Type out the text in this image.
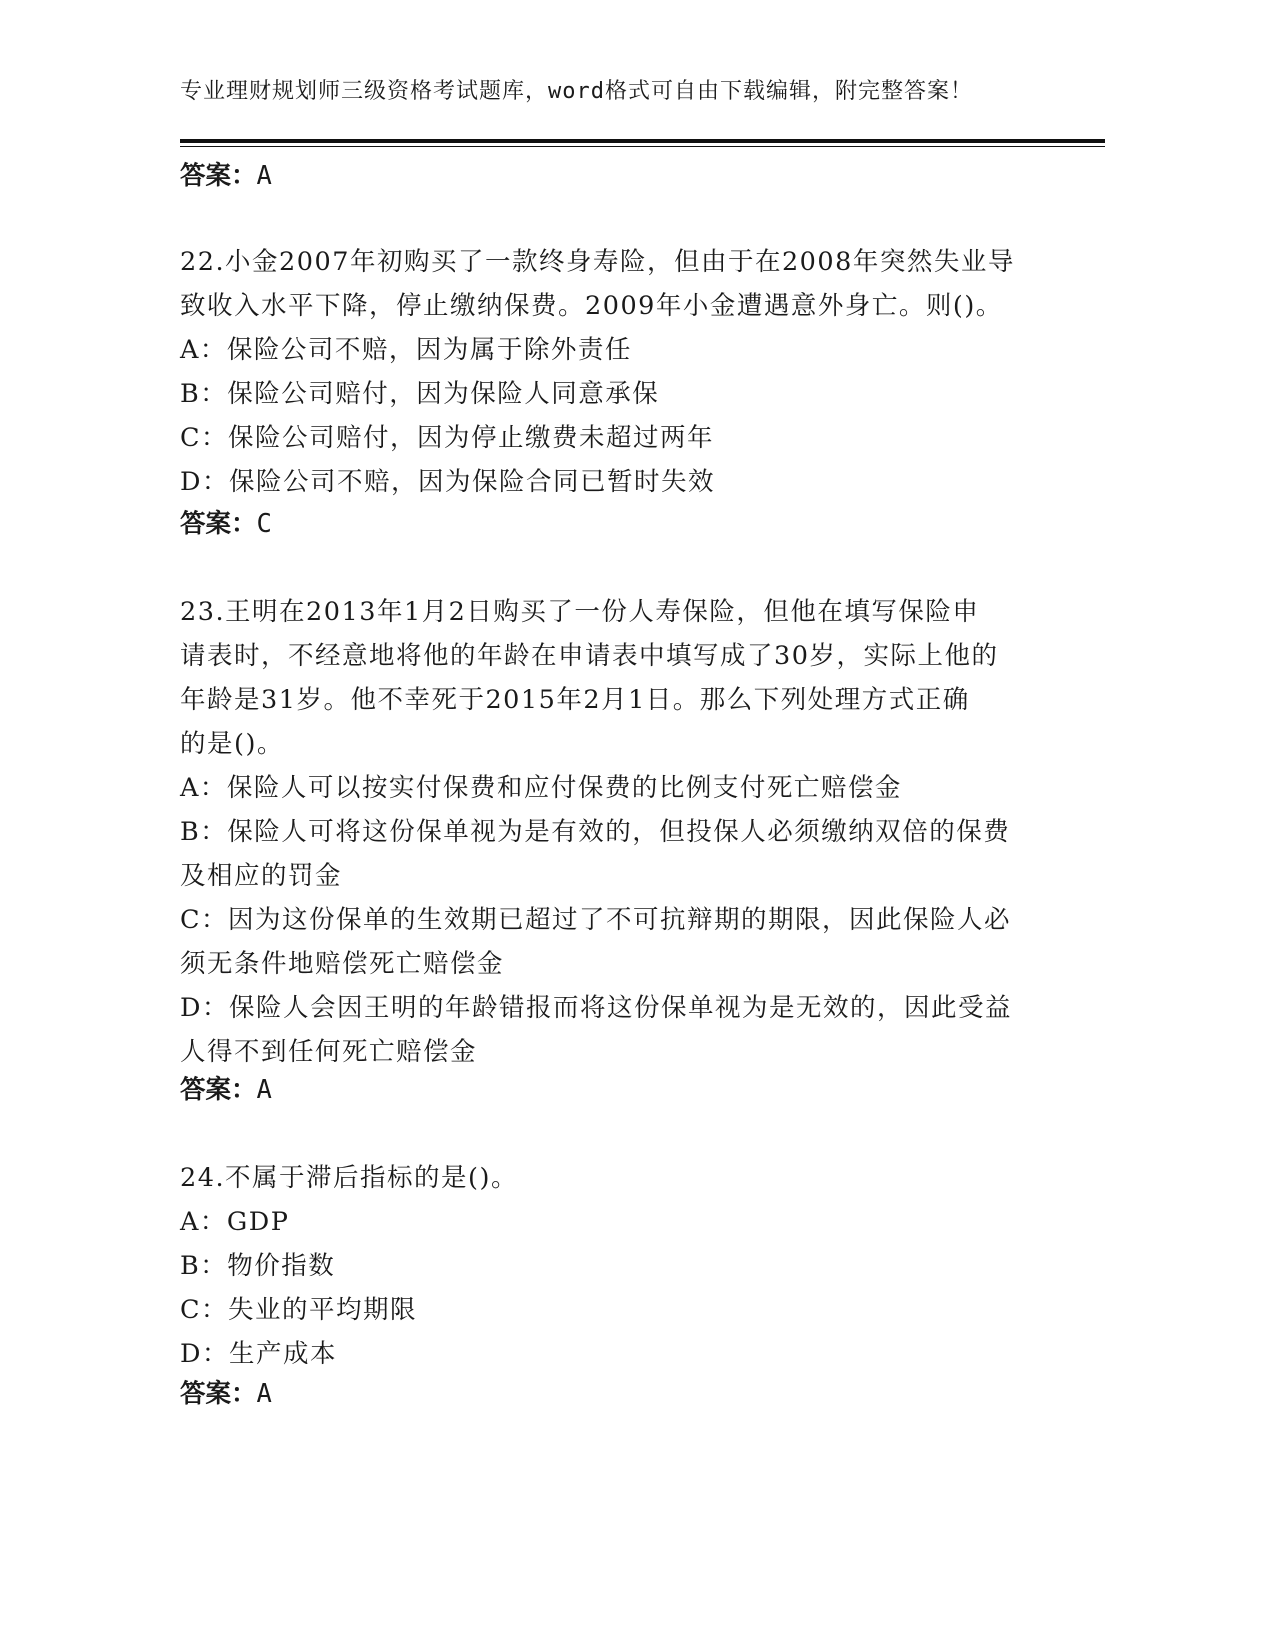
专业理财规划师三级资格考试题库，word格式可自由下载编辑，附完整答案！
答案：A
22.小金2007年初购买了一款终身寿险，但由于在2008年突然失业导
致收入水平下降，停止缴纳保费。2009年小金遭遇意外身亡。则()。
A：保险公司不赔，因为属于除外责任
B：保险公司赔付，因为保险人同意承保
C：保险公司赔付，因为停止缴费未超过两年
D：保险公司不赔，因为保险合同已暂时失效
答案：C
23.王明在2013年1月2日购买了一份人寿保险，但他在填写保险申
请表时，不经意地将他的年龄在申请表中填写成了30岁，实际上他的
年龄是31岁。他不幸死于2015年2月1日。那么下列处理方式正确
的是()。
A：保险人可以按实付保费和应付保费的比例支付死亡赔偿金
B：保险人可将这份保单视为是有效的，但投保人必须缴纳双倍的保费
及相应的罚金
C：因为这份保单的生效期已超过了不可抗辩期的期限，因此保险人必
须无条件地赔偿死亡赔偿金
D：保险人会因王明的年龄错报而将这份保单视为是无效的，因此受益
人得不到任何死亡赔偿金
答案：A
24.不属于滞后指标的是()。
A：GDP
B：物价指数
C：失业的平均期限
D：生产成本
答案：A
